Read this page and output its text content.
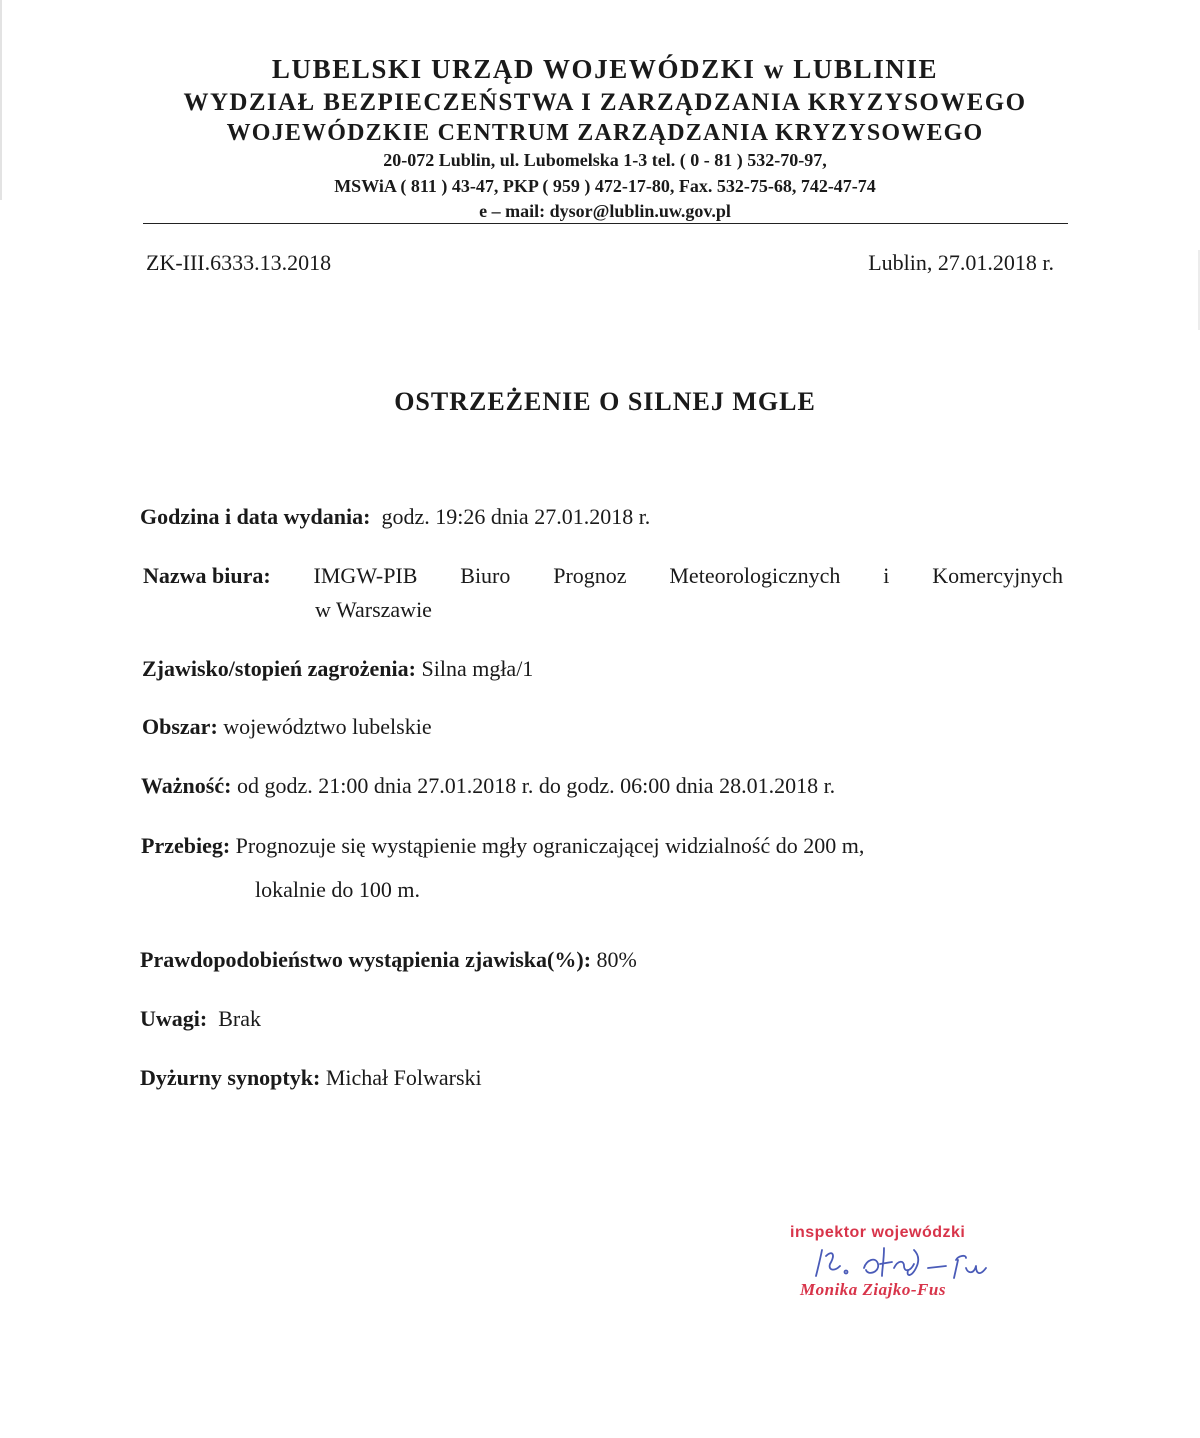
LUBELSKI URZĄD WOJEWÓDZKI w LUBLINIE
WYDZIAŁ BEZPIECZEŃSTWA I ZARZĄDZANIA KRYZYSOWEGO
WOJEWÓDZKIE CENTRUM ZARZĄDZANIA KRYZYSOWEGO
20-072 Lublin, ul. Lubomelska 1-3 tel. ( 0 - 81 ) 532-70-97,
MSWiA ( 811 ) 43-47, PKP ( 959 ) 472-17-80, Fax. 532-75-68, 742-47-74
e – mail: dysor@lublin.uw.gov.pl
ZK-III.6333.13.2018	Lublin, 27.01.2018 r.
OSTRZEŻENIE O SILNEJ MGLE
Godzina i data wydania: godz. 19:26 dnia 27.01.2018 r.
Nazwa biura: IMGW-PIB Biuro Prognoz Meteorologicznych i Komercyjnych
w Warszawie
Zjawisko/stopień zagrożenia: Silna mgła/1
Obszar: województwo lubelskie
Ważność: od godz. 21:00 dnia 27.01.2018 r. do godz. 06:00 dnia 28.01.2018 r.
Przebieg: Prognozuje się wystąpienie mgły ograniczającej widzialność do 200 m,
lokalnie do 100 m.
Prawdopodobieństwo wystąpienia zjawiska(%): 80%
Uwagi: Brak
Dyżurny synoptyk: Michał Folwarski
inspektor wojewódzki
Monika Ziajko-Fus
